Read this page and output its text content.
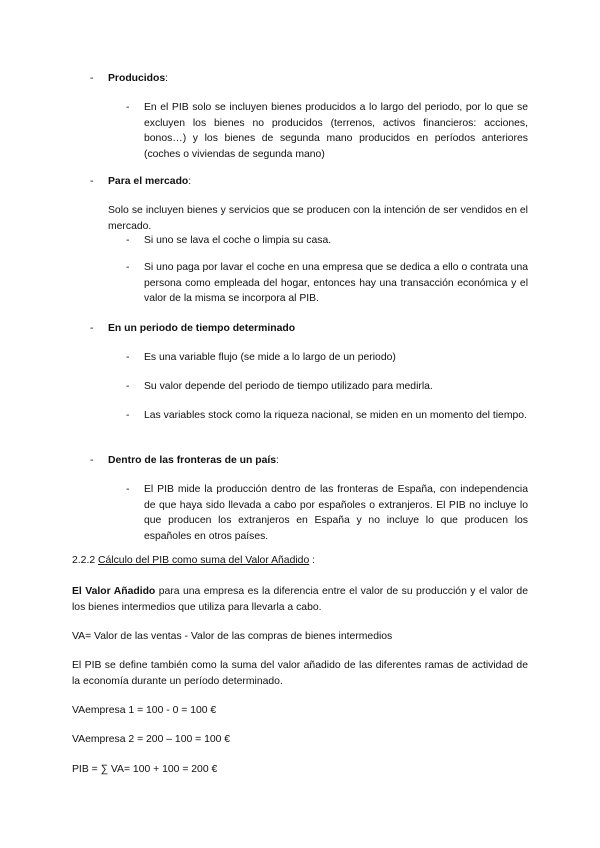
- Producidos:
- En el PIB solo se incluyen bienes producidos a lo largo del periodo, por lo que se excluyen los bienes no producidos (terrenos, activos financieros: acciones, bonos…) y los bienes de segunda mano producidos en períodos anteriores (coches o viviendas de segunda mano)
- Para el mercado:
Solo se incluyen bienes y servicios que se producen con la intención de ser vendidos en el mercado.
- Si uno se lava el coche o limpia su casa.
- Si uno paga por lavar el coche en una empresa que se dedica a ello o contrata una persona como empleada del hogar, entonces hay una transacción económica y el valor de la misma se incorpora al PIB.
- En un periodo de tiempo determinado
- Es una variable flujo (se mide a lo largo de un periodo)
- Su valor depende del periodo de tiempo utilizado para medirla.
- Las variables stock como la riqueza nacional, se miden en un momento del tiempo.
- Dentro de las fronteras de un país:
- El PIB mide la producción dentro de las fronteras de España, con independencia de que haya sido llevada a cabo por españoles o extranjeros. El PIB no incluye lo que producen los extranjeros en España y no incluye lo que producen los españoles en otros países.
2.2.2 Cálculo del PIB como suma del Valor Añadido :
El Valor Añadido para una empresa es la diferencia entre el valor de su producción y el valor de los bienes intermedios que utiliza para llevarla a cabo.
VA= Valor de las ventas - Valor de las compras de bienes intermedios
El PIB se define también como la suma del valor añadido de las diferentes ramas de actividad de la economía durante un período determinado.
VAempresa 1 = 100 - 0 = 100 €
VAempresa 2 = 200 – 100 = 100 €
PIB = ∑ VA= 100 + 100 = 200 €
